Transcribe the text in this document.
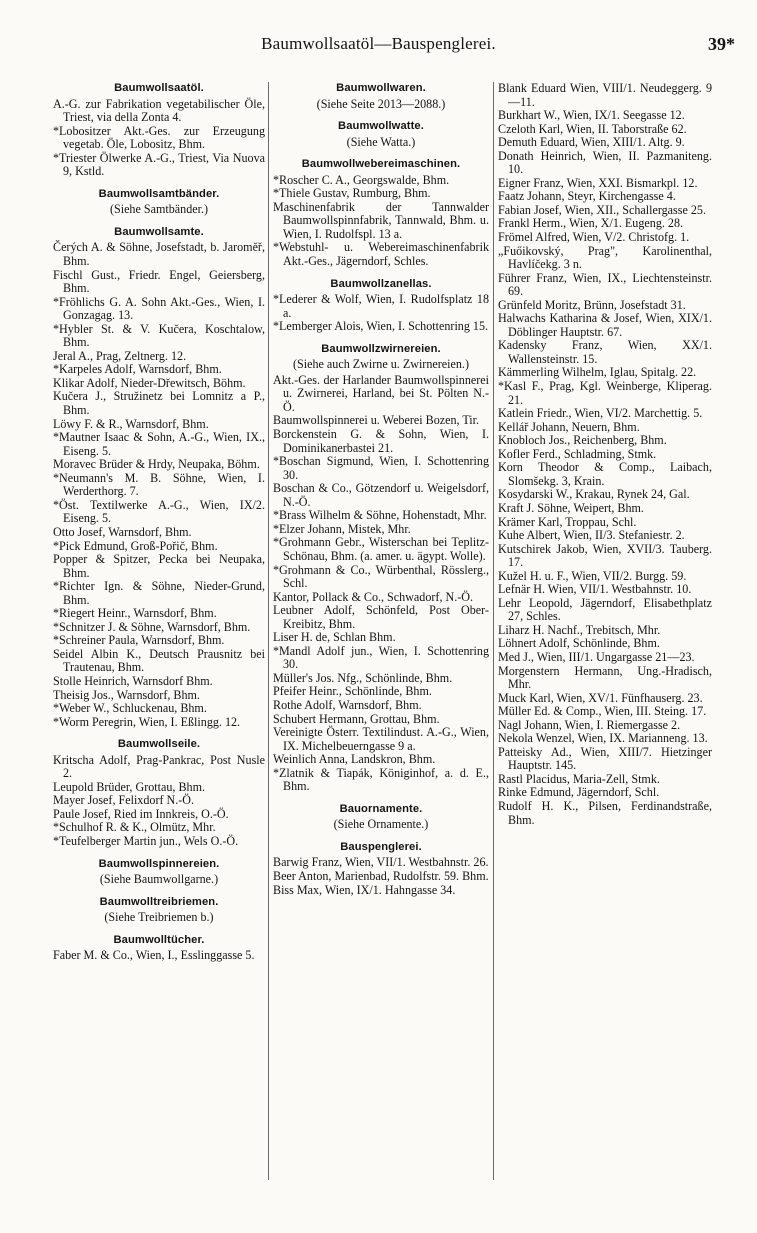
Baumwollsaatöl—Bauspenglerei.	39*
Baumwollsaatöl.
A.-G. zur Fabrikation vegetabilischer Öle, Triest, via della Zonta 4.
*Lobositzer Akt.-Ges. zur Erzeugung vegetab. Öle, Lobositz, Bhm.
*Triester Ölwerke A.-G., Triest, Via Nuova 9, Kstld.
Baumwollsamtbänder.
(Siehe Samtbänder.)
Baumwollsamte.
Čerých A. & Söhne, Josefstadt, b. Jaroměř, Bhm.
Fischl Gust., Friedr. Engel, Geiersberg, Bhm.
*Fröhlichs G. A. Sohn Akt.-Ges., Wien, I. Gonzagag. 13.
*Hybler St. & V. Kučera, Koschtalow, Bhm.
Jeral A., Prag, Zeltnerg. 12.
*Karpeles Adolf, Warnsdorf, Bhm.
Klikar Adolf, Nieder-Dřewitsch, Böhm.
Kučera J., Stružinetz bei Lomnitz a P., Bhm.
Löwy F. & R., Warnsdorf, Bhm.
*Mautner Isaac & Sohn, A.-G., Wien, IX., Eiseng. 5.
Moravec Brüder & Hrdy, Neupaka, Böhm.
*Neumann's M. B. Söhne, Wien, I. Werderthorg. 7.
*Öst. Textilwerke A.-G., Wien, IX/2. Eiseng. 5.
Otto Josef, Warnsdorf, Bhm.
*Pick Edmund, Groß-Pořič, Bhm.
Popper & Spitzer, Pecka bei Neupaka, Bhm.
*Richter Ign. & Söhne, Nieder-Grund, Bhm.
*Riegert Heinr., Warnsdorf, Bhm.
*Schnitzer J. & Söhne, Warnsdorf, Bhm.
*Schreiner Paula, Warnsdorf, Bhm.
Seidel Albin K., Deutsch Prausnitz bei Trautenau, Bhm.
Stolle Heinrich, Warnsdorf Bhm.
Theisig Jos., Warnsdorf, Bhm.
*Weber W., Schluckenau, Bhm.
*Worm Peregrin, Wien, I. Eßlingg. 12.
Baumwollseile.
Kritscha Adolf, Prag-Pankrac, Post Nusle 2.
Leupold Brüder, Grottau, Bhm.
Mayer Josef, Felixdorf N.-Ö.
Paule Josef, Ried im Innkreis, O.-Ö.
*Schulhof R. & K., Olmütz, Mhr.
*Teufelberger Martin jun., Wels O.-Ö.
Baumwollspinnereien.
(Siehe Baumwollgarne.)
Baumwolltreibriemen.
(Siehe Treibriemen b.)
Baumwolltücher.
Faber M. & Co., Wien, I., Esslinggasse 5.
Baumwollwaren.
(Siehe Seite 2013—2088.)
Baumwollwatte.
(Siehe Watta.)
Baumwollwebereimaschinen.
*Roscher C. A., Georgswalde, Bhm.
*Thiele Gustav, Rumburg, Bhm.
Maschinenfabrik der Tannwalder Baumwollspinnfabrik, Tannwald, Bhm. u. Wien, I. Rudolfspl. 13 a.
*Webstuhl- u. Webereimaschinenfabrik Akt.-Ges., Jägerndorf, Schles.
Baumwollzanellas.
*Lederer & Wolf, Wien, I. Rudolfsplatz 18 a.
*Lemberger Alois, Wien, I. Schottenring 15.
Baumwollzwirnereien.
(Siehe auch Zwirne u. Zwirnereien.)
Akt.-Ges. der Harlander Baumwollspinnerei u. Zwirnerei, Harland, bei St. Pölten N.-Ö.
Baumwollspinnerei u. Weberei Bozen, Tir.
Borckenstein G. & Sohn, Wien, I. Dominikanerbastei 21.
*Boschan Sigmund, Wien, I. Schottenring 30.
Boschan & Co., Götzendorf u. Weigelsdorf, N.-Ö.
*Brass Wilhelm & Söhne, Hohenstadt, Mhr.
*Elzer Johann, Mistek, Mhr.
*Grohmann Gebr., Wisterschan bei Teplitz-Schönau, Bhm. (a. amer. u. ägypt. Wolle).
*Grohmann & Co., Würbenthal, Rösslerg., Schl.
Kantor, Pollack & Co., Schwadorf, N.-Ö.
Leubner Adolf, Schönfeld, Post Ober-Kreibitz, Bhm.
Liser H. de, Schlan Bhm.
*Mandl Adolf jun., Wien, I. Schottenring 30.
Müller's Jos. Nfg., Schönlinde, Bhm.
Pfeifer Heinr., Schönlinde, Bhm.
Rothe Adolf, Warnsdorf, Bhm.
Schubert Hermann, Grottau, Bhm.
Vereinigte Österr. Textilindust. A.-G., Wien, IX. Michelbeuerngasse 9 a.
Weinlich Anna, Landskron, Bhm.
*Zlatnik & Tiapák, Königinhof, a. d. E., Bhm.
Bauornamente.
(Siehe Ornamente.)
Bauspenglerei.
Barwig Franz, Wien, VII/1. Westbahnstr. 26.
Beer Anton, Marienbad, Rudolfstr. 59. Bhm.
Biss Max, Wien, IX/1. Hahngasse 34.
Blank Eduard Wien, VIII/1. Neudeggerg. 9—11.
Burkhart W., Wien, IX/1. Seegasse 12.
Czeloth Karl, Wien, II. Taborstraße 62.
Demuth Eduard, Wien, XIII/1. Altg. 9.
Donath Heinrich, Wien, II. Pazmaniteng. 10.
Eigner Franz, Wien, XXI. Bismarkpl. 12.
Faatz Johann, Steyr, Kirchengasse 4.
Fabian Josef, Wien, XII., Schallergasse 25.
Frankl Herm., Wien, X/1. Eugeng. 28.
Frömel Alfred, Wien, V/2. Christofg. 1.
„Fuőikovský, Prag", Karolinenthal, Havlíčekg. 3 n.
Führer Franz, Wien, IX., Liechtensteinstr. 69.
Grünfeld Moritz, Brünn, Josefstadt 31.
Halwachs Katharina & Josef, Wien, XIX/1. Döblinger Hauptstr. 67.
Kadensky Franz, Wien, XX/1. Wallensteinstr. 15.
Kämmerling Wilhelm, Iglau, Spitalg. 22.
*Kasl F., Prag, Kgl. Weinberge, Kliperag. 21.
Katlein Friedr., Wien, VI/2. Marchettig. 5.
Kellář Johann, Neuern, Bhm.
Knobloch Jos., Reichenberg, Bhm.
Kofler Ferd., Schladming, Stmk.
Korn Theodor & Comp., Laibach, Slomšekg. 3, Krain.
Kosydarski W., Krakau, Rynek 24, Gal.
Kraft J. Söhne, Weipert, Bhm.
Krämer Karl, Troppau, Schl.
Kuhe Albert, Wien, II/3. Stefaniestr. 2.
Kutschirek Jakob, Wien, XVII/3. Tauberg. 17.
Kužel H. u. F., Wien, VII/2. Burgg. 59.
Lefnär H. Wien, VII/1. Westbahnstr. 10.
Lehr Leopold, Jägerndorf, Elisabethplatz 27, Schles.
Liharz H. Nachf., Trebitsch, Mhr.
Löhnert Adolf, Schönlinde, Bhm.
Med J., Wien, III/1. Ungargasse 21—23.
Morgenstern Hermann, Ung.-Hradisch, Mhr.
Muck Karl, Wien, XV/1. Fünfhauserg. 23.
Müller Ed. & Comp., Wien, III. Steing. 17.
Nagl Johann, Wien, I. Riemergasse 2.
Nekola Wenzel, Wien, IX. Marianneng. 13.
Patteisky Ad., Wien, XIII/7. Hietzinger Hauptstr. 145.
Rastl Placidus, Maria-Zell, Stmk.
Rinke Edmund, Jägerndorf, Schl.
Rudolf H. K., Pilsen, Ferdinandstraße, Bhm.
